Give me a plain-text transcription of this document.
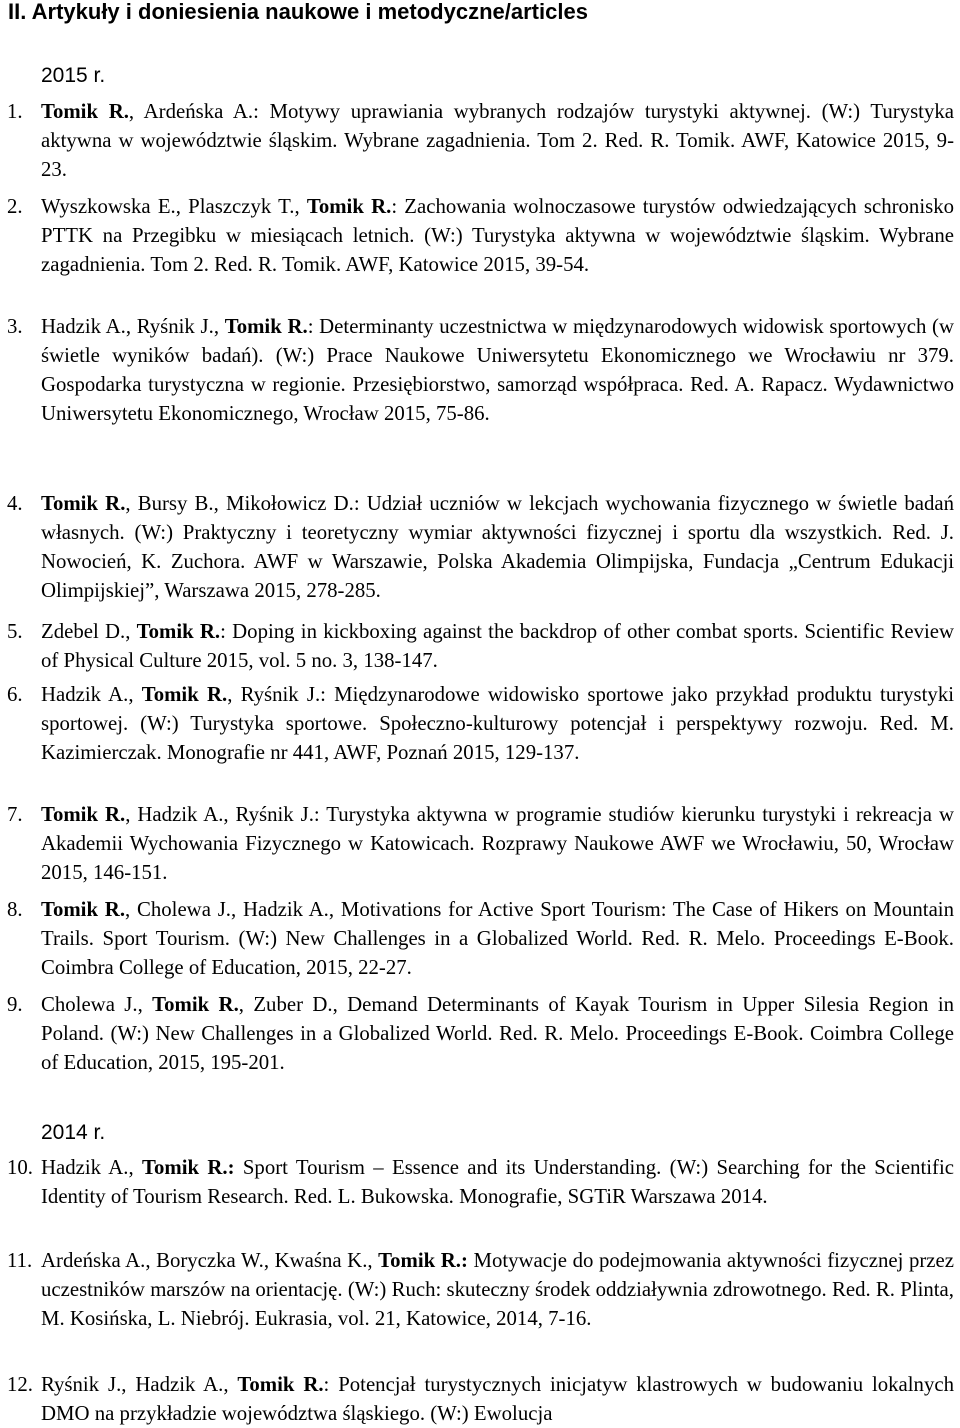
II. Artykuły i doniesienia naukowe i metodyczne/articles
2015 r.
1. Tomik R., Ardeńska A.: Motywy uprawiania wybranych rodzajów turystyki aktywnej. (W:) Turystyka aktywna w województwie śląskim. Wybrane zagadnienia. Tom 2. Red. R. Tomik. AWF, Katowice 2015, 9-23.
2. Wyszkowska E., Plaszczyk T., Tomik R.: Zachowania wolnoczasowe turystów odwiedzających schronisko PTTK na Przegibku w miesiącach letnich. (W:) Turystyka aktywna w województwie śląskim. Wybrane zagadnienia. Tom 2. Red. R. Tomik. AWF, Katowice 2015, 39-54.
3. Hadzik A., Ryśnik J., Tomik R.: Determinanty uczestnictwa w międzynarodowych widowisk sportowych (w świetle wyników badań). (W:) Prace Naukowe Uniwersytetu Ekonomicznego we Wrocławiu nr 379. Gospodarka turystyczna w regionie. Przesiębiorstwo, samorząd współpraca. Red. A. Rapacz. Wydawnictwo Uniwersytetu Ekonomicznego, Wrocław 2015, 75-86.
4. Tomik R., Bursy B., Mikołowicz D.: Udział uczniów w lekcjach wychowania fizycznego w świetle badań własnych. (W:) Praktyczny i teoretyczny wymiar aktywności fizycznej i sportu dla wszystkich. Red. J. Nowocień, K. Zuchora. AWF w Warszawie, Polska Akademia Olimpijska, Fundacja „Centrum Edukacji Olimpijskiej”, Warszawa 2015, 278-285.
5. Zdebel D., Tomik R.: Doping in kickboxing against the backdrop of other combat sports. Scientific Review of Physical Culture 2015, vol. 5 no. 3, 138-147.
6. Hadzik A., Tomik R., Ryśnik J.: Międzynarodowe widowisko sportowe jako przykład produktu turystyki sportowej. (W:) Turystyka sportowe. Społeczno-kulturowy potencjał i perspektywy rozwoju. Red. M. Kazimierczak. Monografie nr 441, AWF, Poznań 2015, 129-137.
7. Tomik R., Hadzik A., Ryśnik J.: Turystyka aktywna w programie studiów kierunku turystyki i rekreacja w Akademii Wychowania Fizycznego w Katowicach. Rozprawy Naukowe AWF we Wrocławiu, 50, Wrocław 2015, 146-151.
8. Tomik R., Cholewa J., Hadzik A., Motivations for Active Sport Tourism: The Case of Hikers on Mountain Trails. Sport Tourism. (W:) New Challenges in a Globalized World. Red. R. Melo. Proceedings E-Book. Coimbra College of Education, 2015, 22-27.
9. Cholewa J., Tomik R., Zuber D., Demand Determinants of Kayak Tourism in Upper Silesia Region in Poland. (W:) New Challenges in a Globalized World. Red. R. Melo. Proceedings E-Book. Coimbra College of Education, 2015, 195-201.
2014 r.
10. Hadzik A., Tomik R.: Sport Tourism – Essence and its Understanding. (W:) Searching for the Scientific Identity of Tourism Research. Red. L. Bukowska. Monografie, SGTiR Warszawa 2014.
11. Ardeńska A., Boryczka W., Kwaśna K., Tomik R.: Motywacje do podejmowania aktywności fizycznej przez uczestników marszów na orientację. (W:) Ruch: skuteczny środek oddziaływnia zdrowotnego. Red. R. Plinta, M. Kosińska, L. Niebrój. Eukrasia, vol. 21, Katowice, 2014, 7-16.
12. Ryśnik J., Hadzik A., Tomik R.: Potencjał turystycznych inicjatyw klastrowych w budowaniu lokalnych DMO na przykładzie województwa śląskiego. (W:) Ewolucja
